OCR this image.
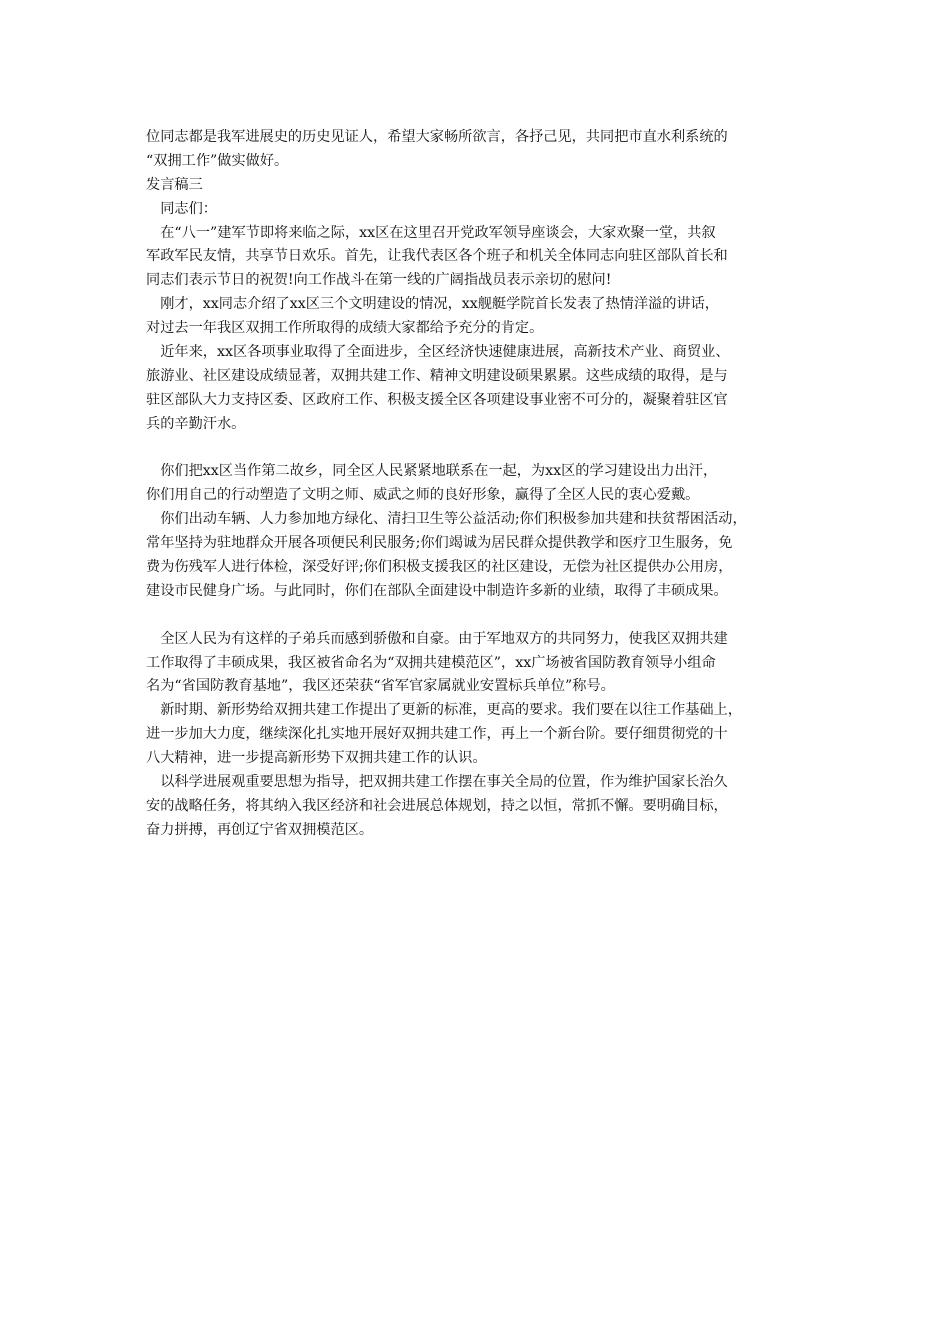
位同志都是我军进展史的历史见证人，希望大家畅所欲言，各抒己见，共同把市直水利系统的
“双拥工作”做实做好。
发言稿三
　同志们：
　在“八一”建军节即将来临之际，xx区在这里召开党政军领导座谈会，大家欢聚一堂，共叙
军政军民友情，共享节日欢乐。首先，让我代表区各个班子和机关全体同志向驻区部队首长和
同志们表示节日的祝贺!向工作战斗在第一线的广阔指战员表示亲切的慰问!
　刚才，xx同志介绍了xx区三个文明建设的情况，xx舰艇学院首长发表了热情洋溢的讲话，
对过去一年我区双拥工作所取得的成绩大家都给予充分的肯定。
　近年来，xx区各项事业取得了全面进步，全区经济快速健康进展，高新技术产业、商贸业、
旅游业、社区建设成绩显著，双拥共建工作、精神文明建设硕果累累。这些成绩的取得，是与
驻区部队大力支持区委、区政府工作、积极支援全区各项建设事业密不可分的，凝聚着驻区官
兵的辛勤汗水。
　你们把xx区当作第二故乡，同全区人民紧紧地联系在一起，为xx区的学习建设出力出汗，
你们用自己的行动塑造了文明之师、威武之师的良好形象，赢得了全区人民的衷心爱戴。
　你们出动车辆、人力参加地方绿化、清扫卫生等公益活动;你们积极参加共建和扶贫帮困活动，
常年坚持为驻地群众开展各项便民利民服务;你们竭诚为居民群众提供教学和医疗卫生服务，免
费为伤残军人进行体检，深受好评;你们积极支援我区的社区建设，无偿为社区提供办公用房，
建设市民健身广场。与此同时，你们在部队全面建设中制造许多新的业绩，取得了丰硕成果。
　全区人民为有这样的子弟兵而感到骄傲和自豪。由于军地双方的共同努力，使我区双拥共建
工作取得了丰硕成果，我区被省命名为“双拥共建模范区”，xx广场被省国防教育领导小组命
名为“省国防教育基地”，我区还荣获“省军官家属就业安置标兵单位”称号。
　新时期、新形势给双拥共建工作提出了更新的标准，更高的要求。我们要在以往工作基础上，
进一步加大力度，继续深化扎实地开展好双拥共建工作，再上一个新台阶。要仔细贯彻党的十
八大精神，进一步提高新形势下双拥共建工作的认识。
　以科学进展观重要思想为指导，把双拥共建工作摆在事关全局的位置，作为维护国家长治久
安的战略任务，将其纳入我区经济和社会进展总体规划，持之以恒，常抓不懈。要明确目标，
奋力拼搏，再创辽宁省双拥模范区。
